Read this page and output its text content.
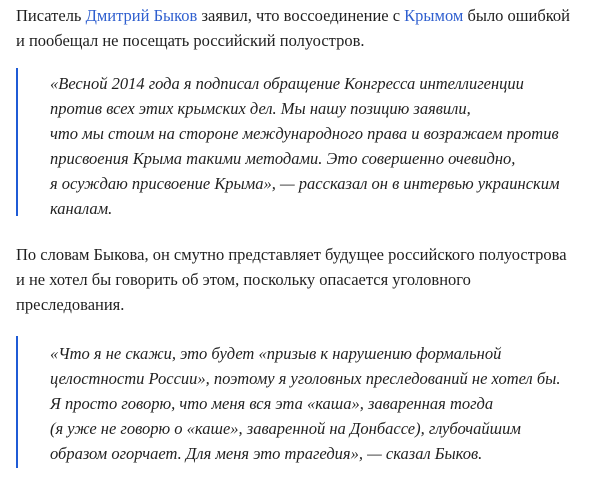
Писатель Дмитрий Быков заявил, что воссоединение с Крымом было ошибкой
и пообещал не посещать российский полуостров.
«Весной 2014 года я подписал обращение Конгресса интеллигенции
против всех этих крымских дел. Мы нашу позицию заявили,
что мы стоим на стороне международного права и возражаем против
присвоения Крыма такими методами. Это совершенно очевидно,
я осуждаю присвоение Крыма», — рассказал он в интервью украинским
каналам.
По словам Быкова, он смутно представляет будущее российского полуострова
и не хотел бы говорить об этом, поскольку опасается уголовного
преследования.
«Что я не скажи, это будет «призыв к нарушению формальной
целостности России», поэтому я уголовных преследований не хотел бы.
Я просто говорю, что меня вся эта «каша», заваренная тогда
(я уже не говорю о «каше», заваренной на Донбассе), глубочайшим
образом огорчает. Для меня это трагедия», — сказал Быков.
